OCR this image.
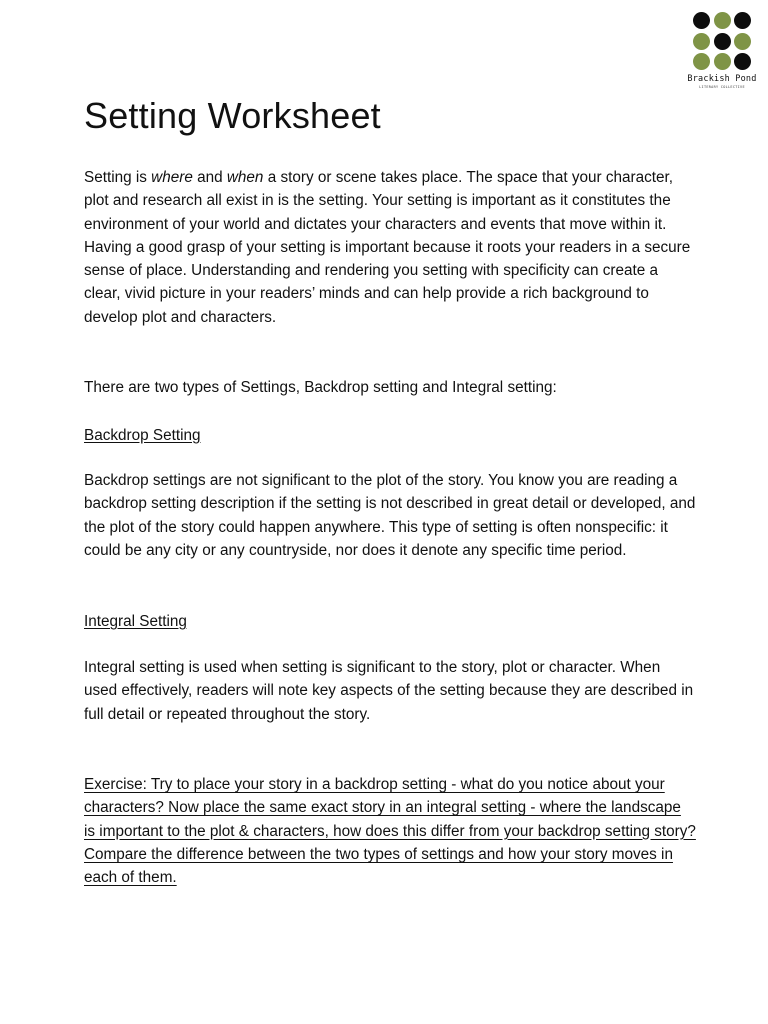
Brackish Pond
LITERARY COLLECTIVE
Setting Worksheet

Setting is where and when a story or scene takes place. The space that your character, plot and research all exist in is the setting. Your setting is important as it constitutes the environment of your world and dictates your characters and events that move within it. Having a good grasp of your setting is important because it roots your readers in a secure sense of place. Understanding and rendering you setting with specificity can create a clear, vivid picture in your readers’ minds and can help provide a rich background to develop plot and characters.

There are two types of Settings, Backdrop setting and Integral setting:

Backdrop Setting

Backdrop settings are not significant to the plot of the story. You know you are reading a backdrop setting description if the setting is not described in great detail or developed, and the plot of the story could happen anywhere. This type of setting is often nonspecific: it could be any city or any countryside, nor does it denote any specific time period.

Integral Setting

Integral setting is used when setting is significant to the story, plot or character. When used effectively, readers will note key aspects of the setting because they are described in full detail or repeated throughout the story.

Exercise: Try to place your story in a backdrop setting - what do you notice about your characters? Now place the same exact story in an integral setting - where the landscape is important to the plot & characters, how does this differ from your backdrop setting story? Compare the difference between the two types of settings and how your story moves in each of them.
